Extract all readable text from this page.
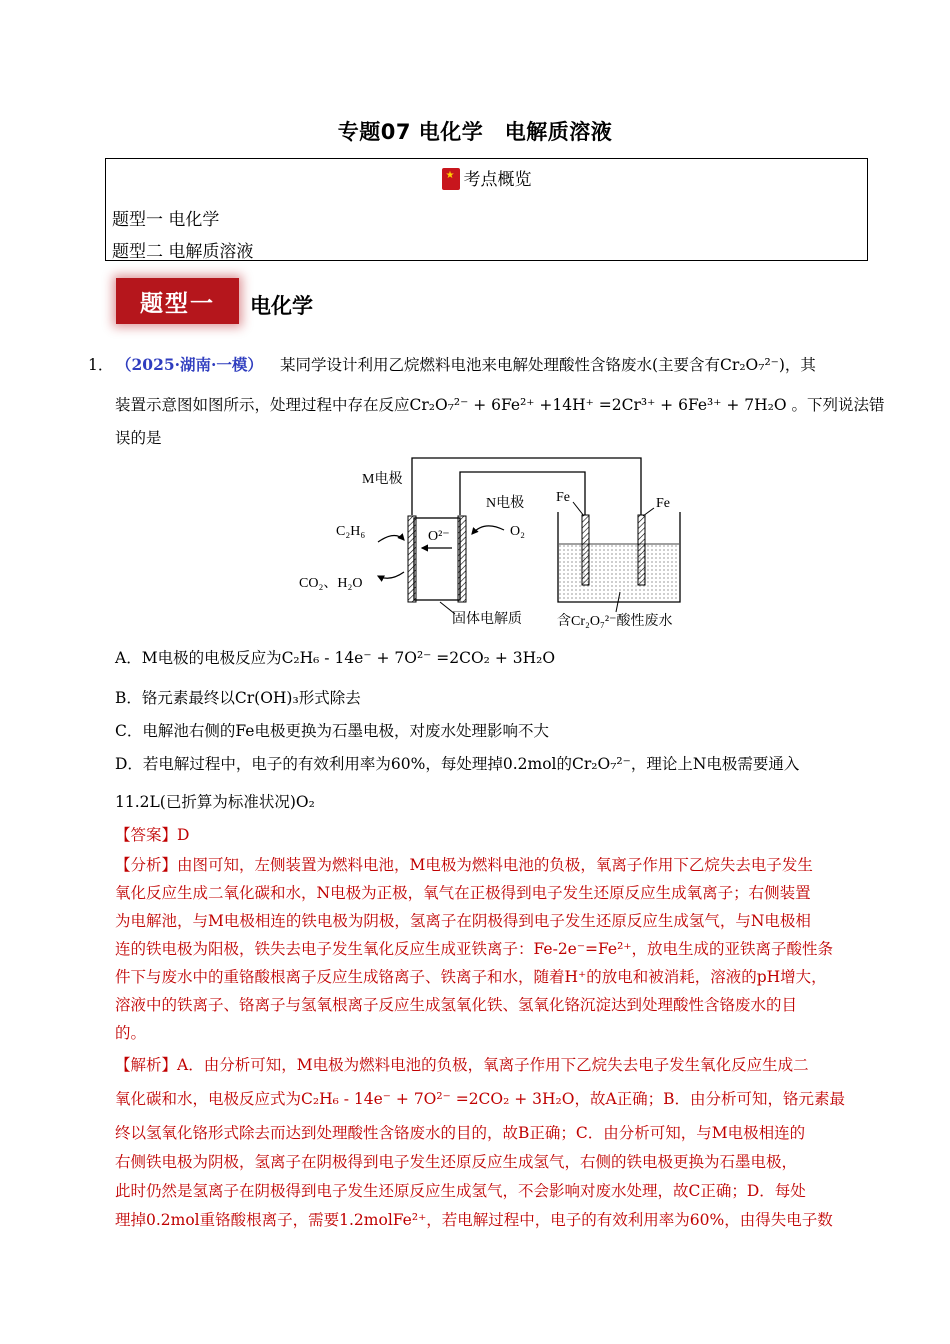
专题07 电化学　电解质溶液
★考点概览
题型一 电化学
题型二 电解质溶液
题型一	电化学
1． （2025·湖南·一模） 某同学设计利用乙烷燃料电池来电解处理酸性含铬废水(主要含有Cr₂O₇²⁻)，其
装置示意图如图所示，处理过程中存在反应Cr₂O₇²⁻ + 6Fe²⁺ +14H⁺ =2Cr³⁺ + 6Fe³⁺ + 7H₂O 。下列说法错
误的是
M电极
N电极
C₂H₆	O₂
O²⁻
CO₂、H₂O
固体电解质
Fe	Fe
含Cr₂O₇²⁻酸性废水
A．M电极的电极反应为C₂H₆ - 14e⁻ + 7O²⁻ =2CO₂ + 3H₂O
B．铬元素最终以Cr(OH)₃形式除去
C．电解池右侧的Fe电极更换为石墨电极，对废水处理影响不大
D．若电解过程中，电子的有效利用率为60%，每处理掉0.2mol的Cr₂O₇²⁻，理论上N电极需要通入
11.2L(已折算为标准状况)O₂
【答案】D
【分析】由图可知，左侧装置为燃料电池，M电极为燃料电池的负极，氧离子作用下乙烷失去电子发生
氧化反应生成二氧化碳和水，N电极为正极，氧气在正极得到电子发生还原反应生成氧离子；右侧装置
为电解池，与M电极相连的铁电极为阴极，氢离子在阴极得到电子发生还原反应生成氢气，与N电极相
连的铁电极为阳极，铁失去电子发生氧化反应生成亚铁离子：Fe-2e⁻=Fe²⁺，放电生成的亚铁离子酸性条
件下与废水中的重铬酸根离子反应生成铬离子、铁离子和水，随着H⁺的放电和被消耗，溶液的pH增大，
溶液中的铁离子、铬离子与氢氧根离子反应生成氢氧化铁、氢氧化铬沉淀达到处理酸性含铬废水的目
的。
【解析】A．由分析可知，M电极为燃料电池的负极，氧离子作用下乙烷失去电子发生氧化反应生成二
氧化碳和水，电极反应式为C₂H₆ - 14e⁻ + 7O²⁻ =2CO₂ + 3H₂O，故A正确；B．由分析可知，铬元素最
终以氢氧化铬形式除去而达到处理酸性含铬废水的目的，故B正确；C．由分析可知，与M电极相连的
右侧铁电极为阴极，氢离子在阴极得到电子发生还原反应生成氢气，右侧的铁电极更换为石墨电极，
此时仍然是氢离子在阴极得到电子发生还原反应生成氢气，不会影响对废水处理，故C正确；D．每处
理掉0.2mol重铬酸根离子，需要1.2molFe²⁺，若电解过程中，电子的有效利用率为60%，由得失电子数
